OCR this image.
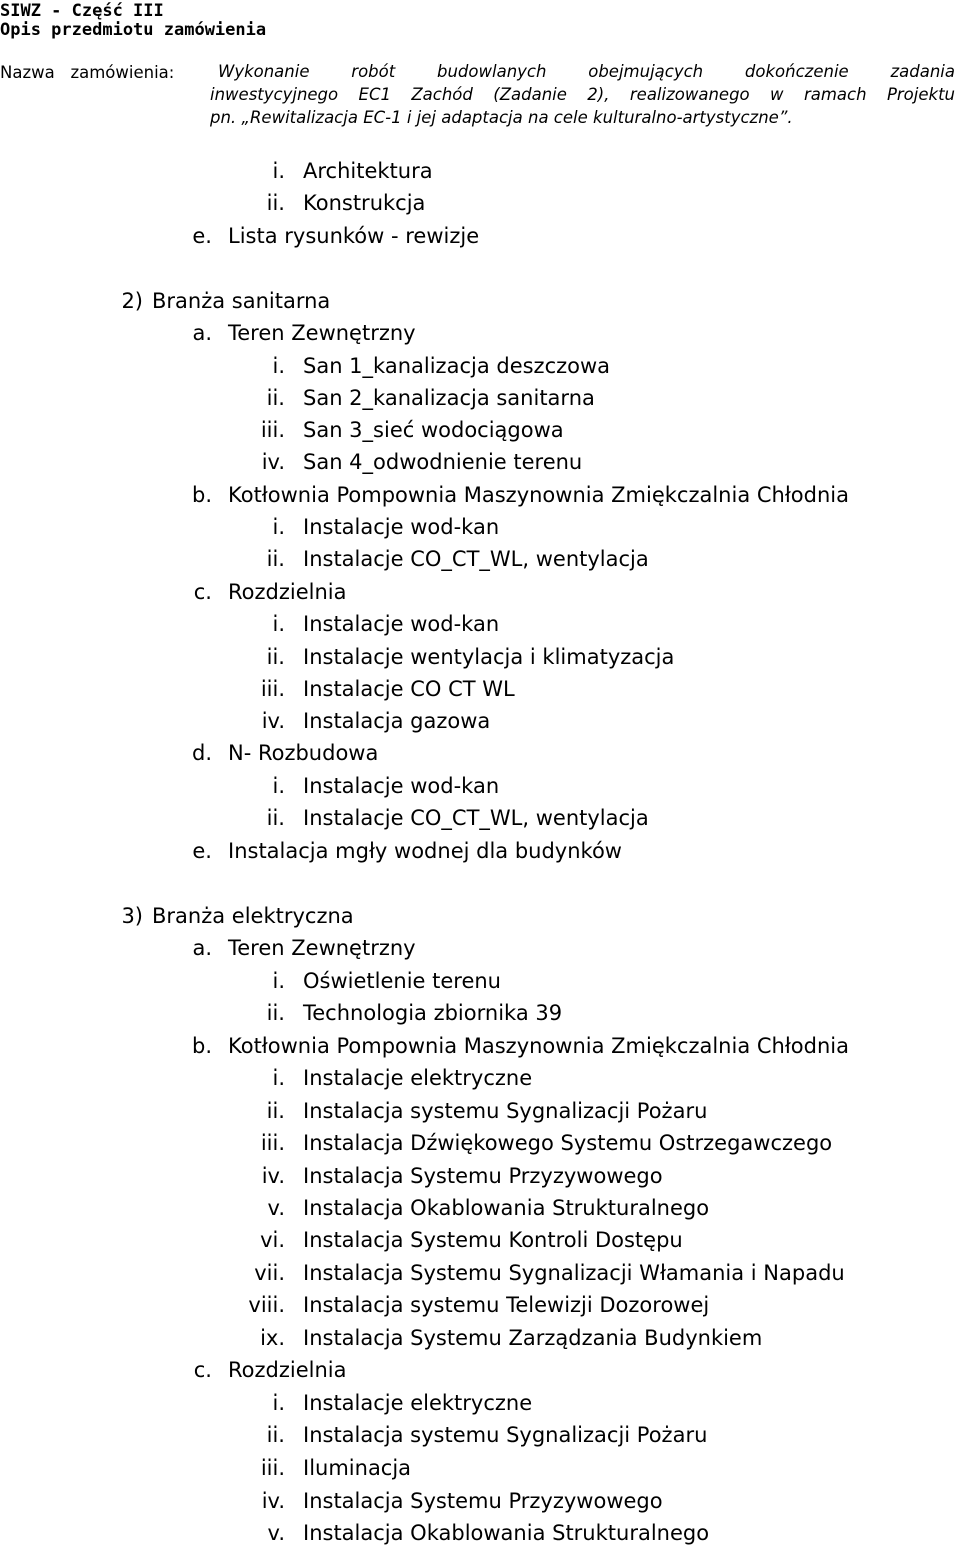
SIWZ - Część III
Opis przedmiotu zamówienia
Nazwa   zamówienia:	Wykonanie robót budowlanych obejmujących dokończenie zadania
inwestycyjnego EC1 Zachód (Zadanie 2), realizowanego w ramach Projektu
pn. „Rewitalizacja EC-1 i jej adaptacja na cele kulturalno-artystyczne”.
i. Architektura
ii. Konstrukcja
e. Lista rysunków - rewizje
2) Branża sanitarna
a. Teren Zewnętrzny
i. San 1_kanalizacja deszczowa
ii. San 2_kanalizacja sanitarna
iii. San 3_sieć wodociągowa
iv. San 4_odwodnienie terenu
b. Kotłownia Pompownia Maszynownia Zmiękczalnia Chłodnia
i. Instalacje wod-kan
ii. Instalacje CO_CT_WL, wentylacja
c. Rozdzielnia
i. Instalacje wod-kan
ii. Instalacje wentylacja i klimatyzacja
iii. Instalacje CO CT WL
iv. Instalacja gazowa
d. N- Rozbudowa
i. Instalacje wod-kan
ii. Instalacje CO_CT_WL, wentylacja
e. Instalacja mgły wodnej dla budynków
3) Branża elektryczna
a. Teren Zewnętrzny
i. Oświetlenie terenu
ii. Technologia zbiornika 39
b. Kotłownia Pompownia Maszynownia Zmiękczalnia Chłodnia
i. Instalacje elektryczne
ii. Instalacja systemu Sygnalizacji Pożaru
iii. Instalacja Dźwiękowego Systemu Ostrzegawczego
iv. Instalacja Systemu Przyzywowego
v. Instalacja Okablowania Strukturalnego
vi. Instalacja Systemu Kontroli Dostępu
vii. Instalacja Systemu Sygnalizacji Włamania i Napadu
viii. Instalacja systemu Telewizji Dozorowej
ix. Instalacja Systemu Zarządzania Budynkiem
c. Rozdzielnia
i. Instalacje elektryczne
ii. Instalacja systemu Sygnalizacji Pożaru
iii. Iluminacja
iv. Instalacja Systemu Przyzywowego
v. Instalacja Okablowania Strukturalnego
